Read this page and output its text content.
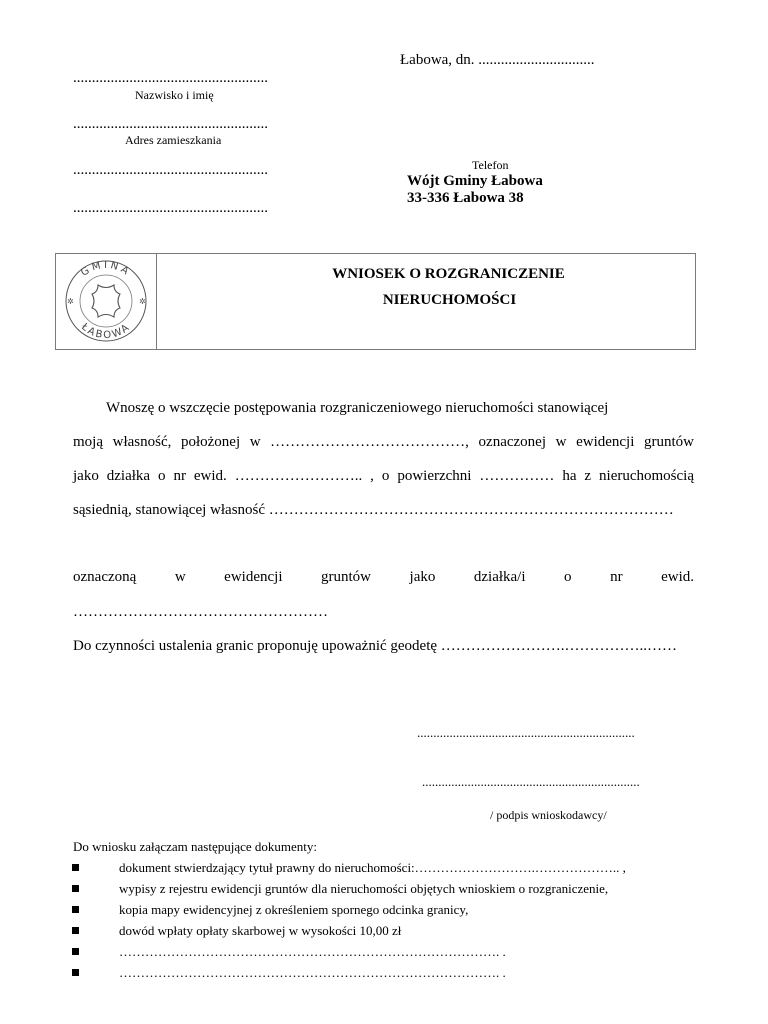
Łabowa, dn. ...............................
....................................................
Nazwisko i imię
....................................................
Adres zamieszkania
....................................................	Telefon
....................................................
Wójt Gminy Łabowa
33-336 Łabowa 38
GMINA
ŁABOWA
✲	✲
WNIOSEK O ROZGRANICZENIE
NIERUCHOMOŚCI
Wnoszę o wszczęcie postępowania rozgraniczeniowego nieruchomości stanowiącej
moją własność, położonej w …………………………………, oznaczonej w ewidencji gruntów
jako działka o nr ewid. …………………….. , o powierzchni …………… ha z nieruchomością
sąsiednią, stanowiącej własność ………………………………………………………………………
oznaczoną w ewidencji gruntów jako działka/i o nr ewid.
……………………………………………
Do czynności ustalenia granic proponuję upoważnić geodetę …………………….……………..……
...................................................................
...................................................................
/ podpis wnioskodawcy/
Do wniosku załączam następujące dokumenty:
dokument stwierdzający tytuł prawny do nieruchomości:……………………….……………….. ,
wypisy z rejestru ewidencji gruntów dla nieruchomości objętych wnioskiem o rozgraniczenie,
kopia mapy ewidencyjnej z określeniem spornego odcinka granicy,
dowód wpłaty opłaty skarbowej w wysokości 10,00 zł
……………………………………………………………………………. .
……………………………………………………………………………. .
